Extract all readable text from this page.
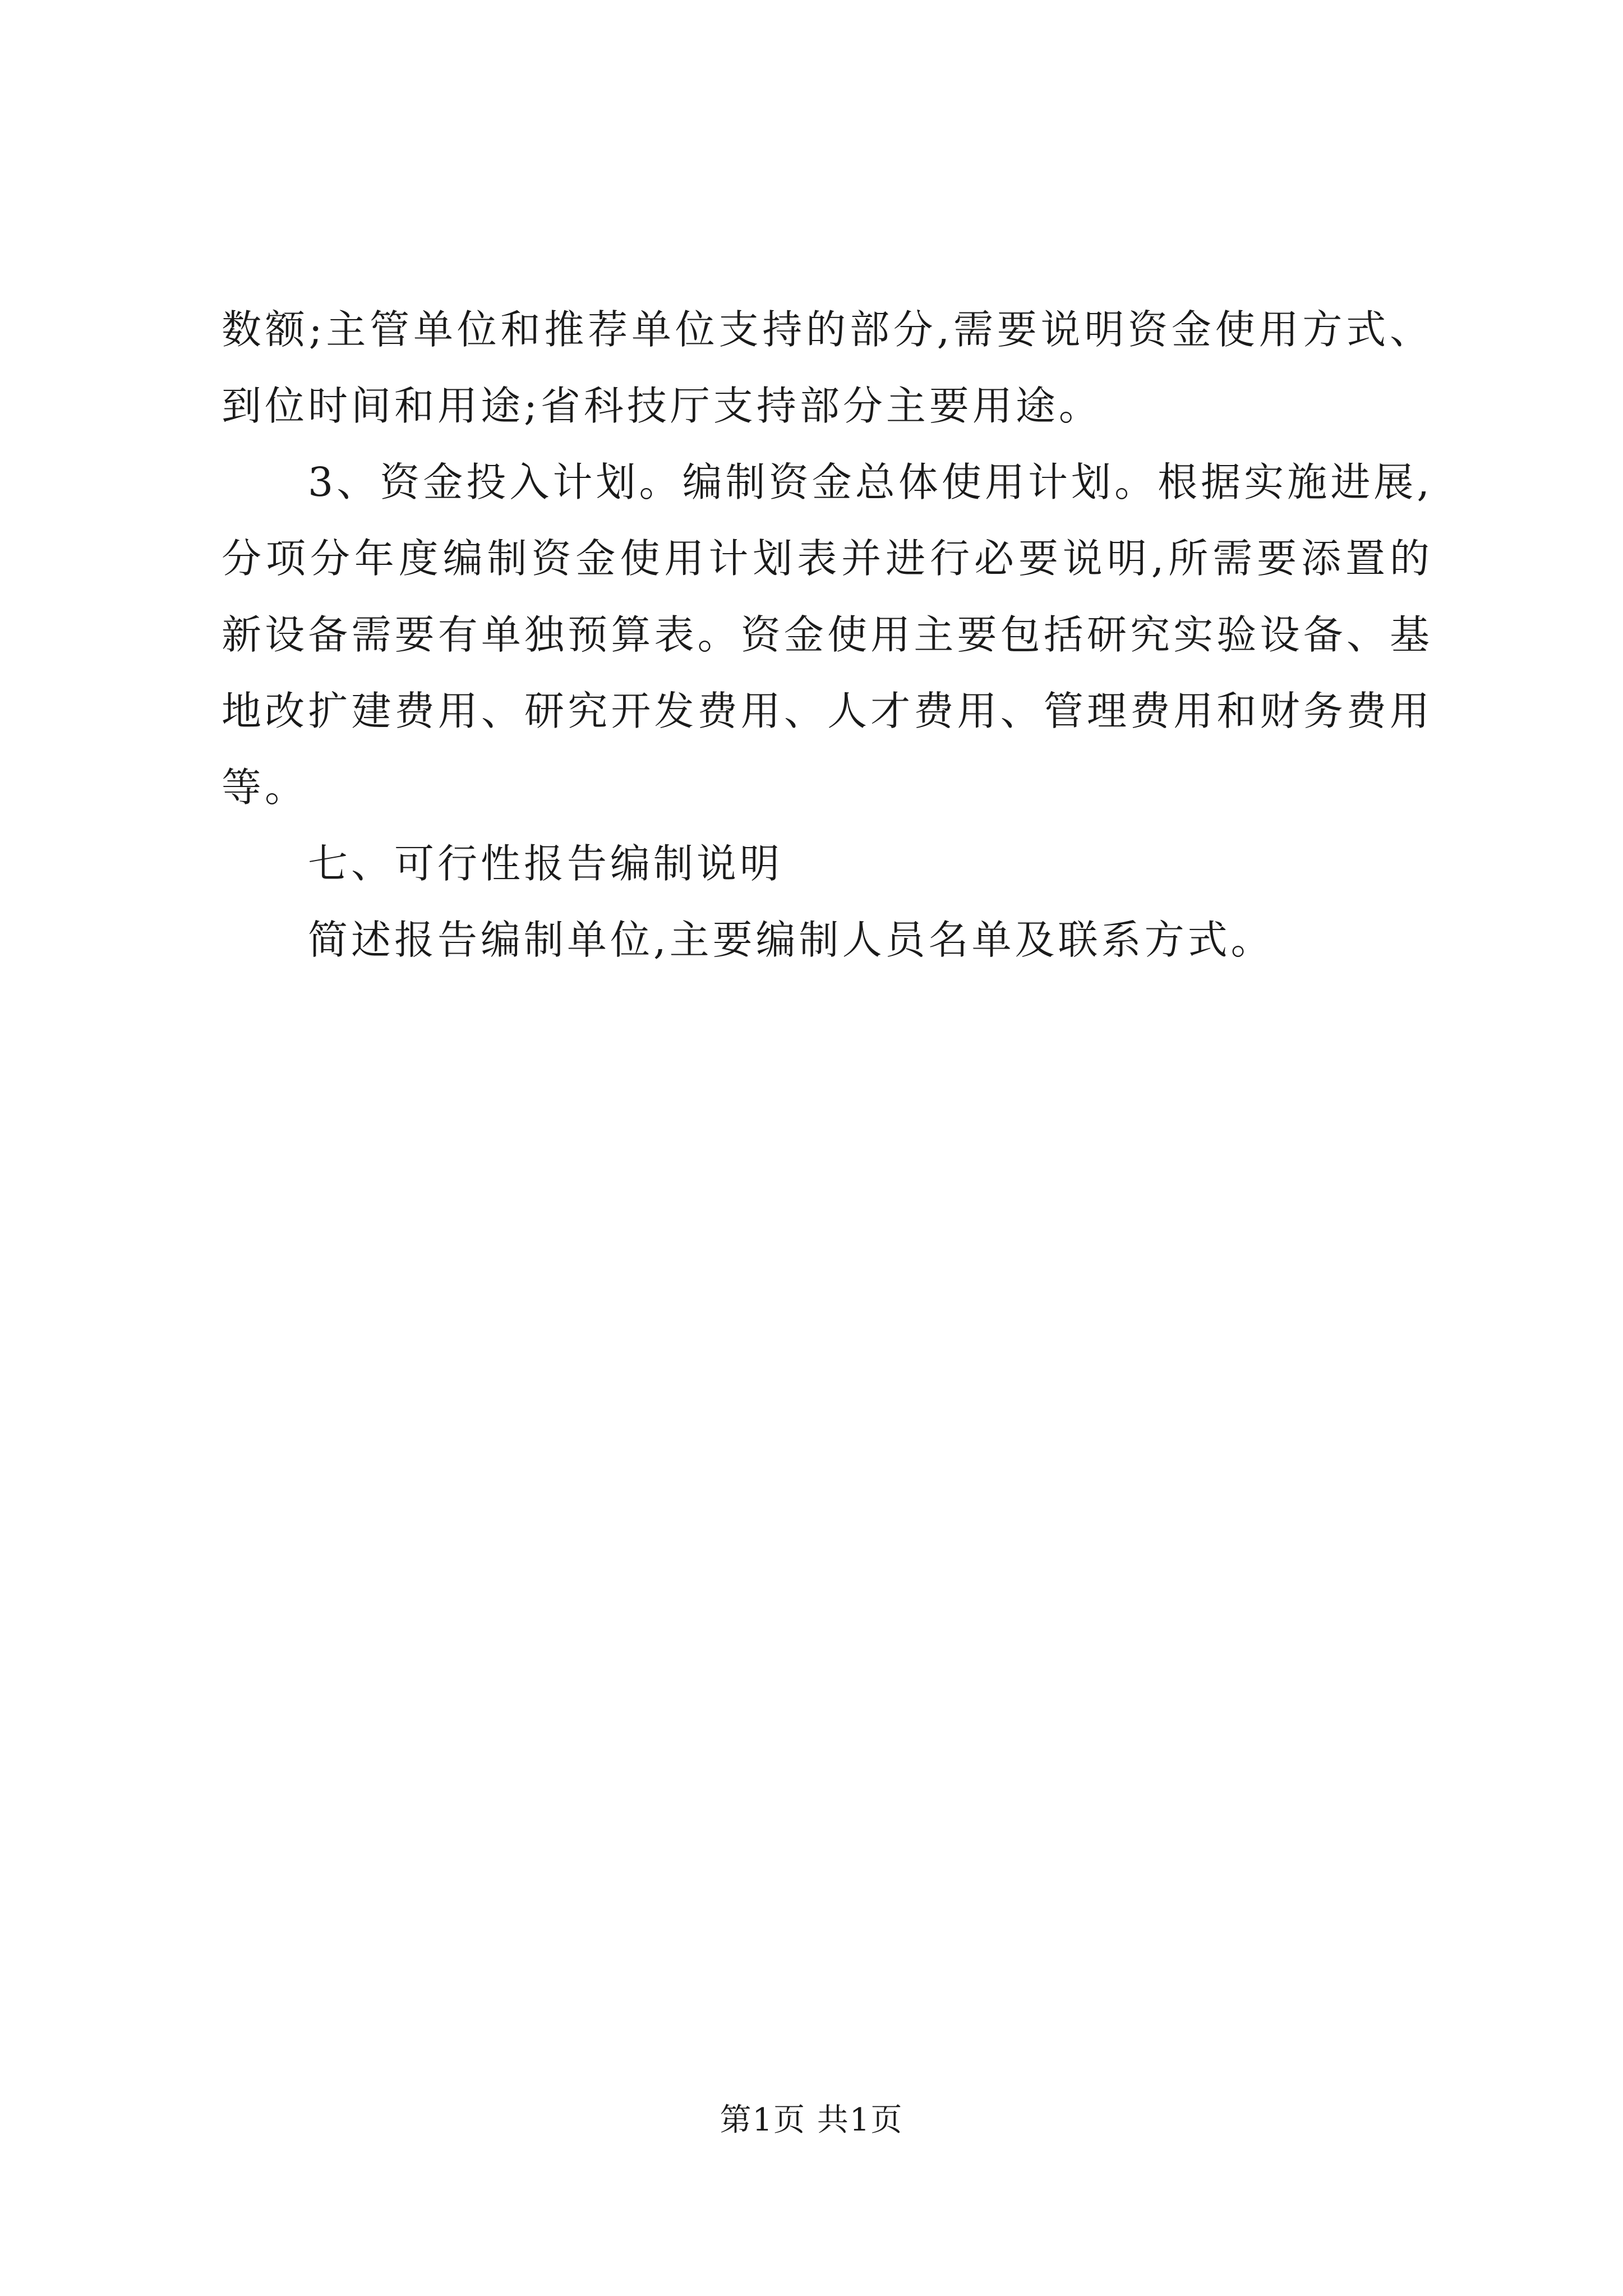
数额;主管单位和推荐单位支持的部分,需要说明资金使用方式、到位时间和用途;省科技厅支持部分主要用途。

3、资金投入计划。编制资金总体使用计划。根据实施进展,分项分年度编制资金使用计划表并进行必要说明,所需要添置的新设备需要有单独预算表。资金使用主要包括研究实验设备、基地改扩建费用、研究开发费用、人才费用、管理费用和财务费用等。

七、可行性报告编制说明

简述报告编制单位,主要编制人员名单及联系方式。

第1页 共1页
